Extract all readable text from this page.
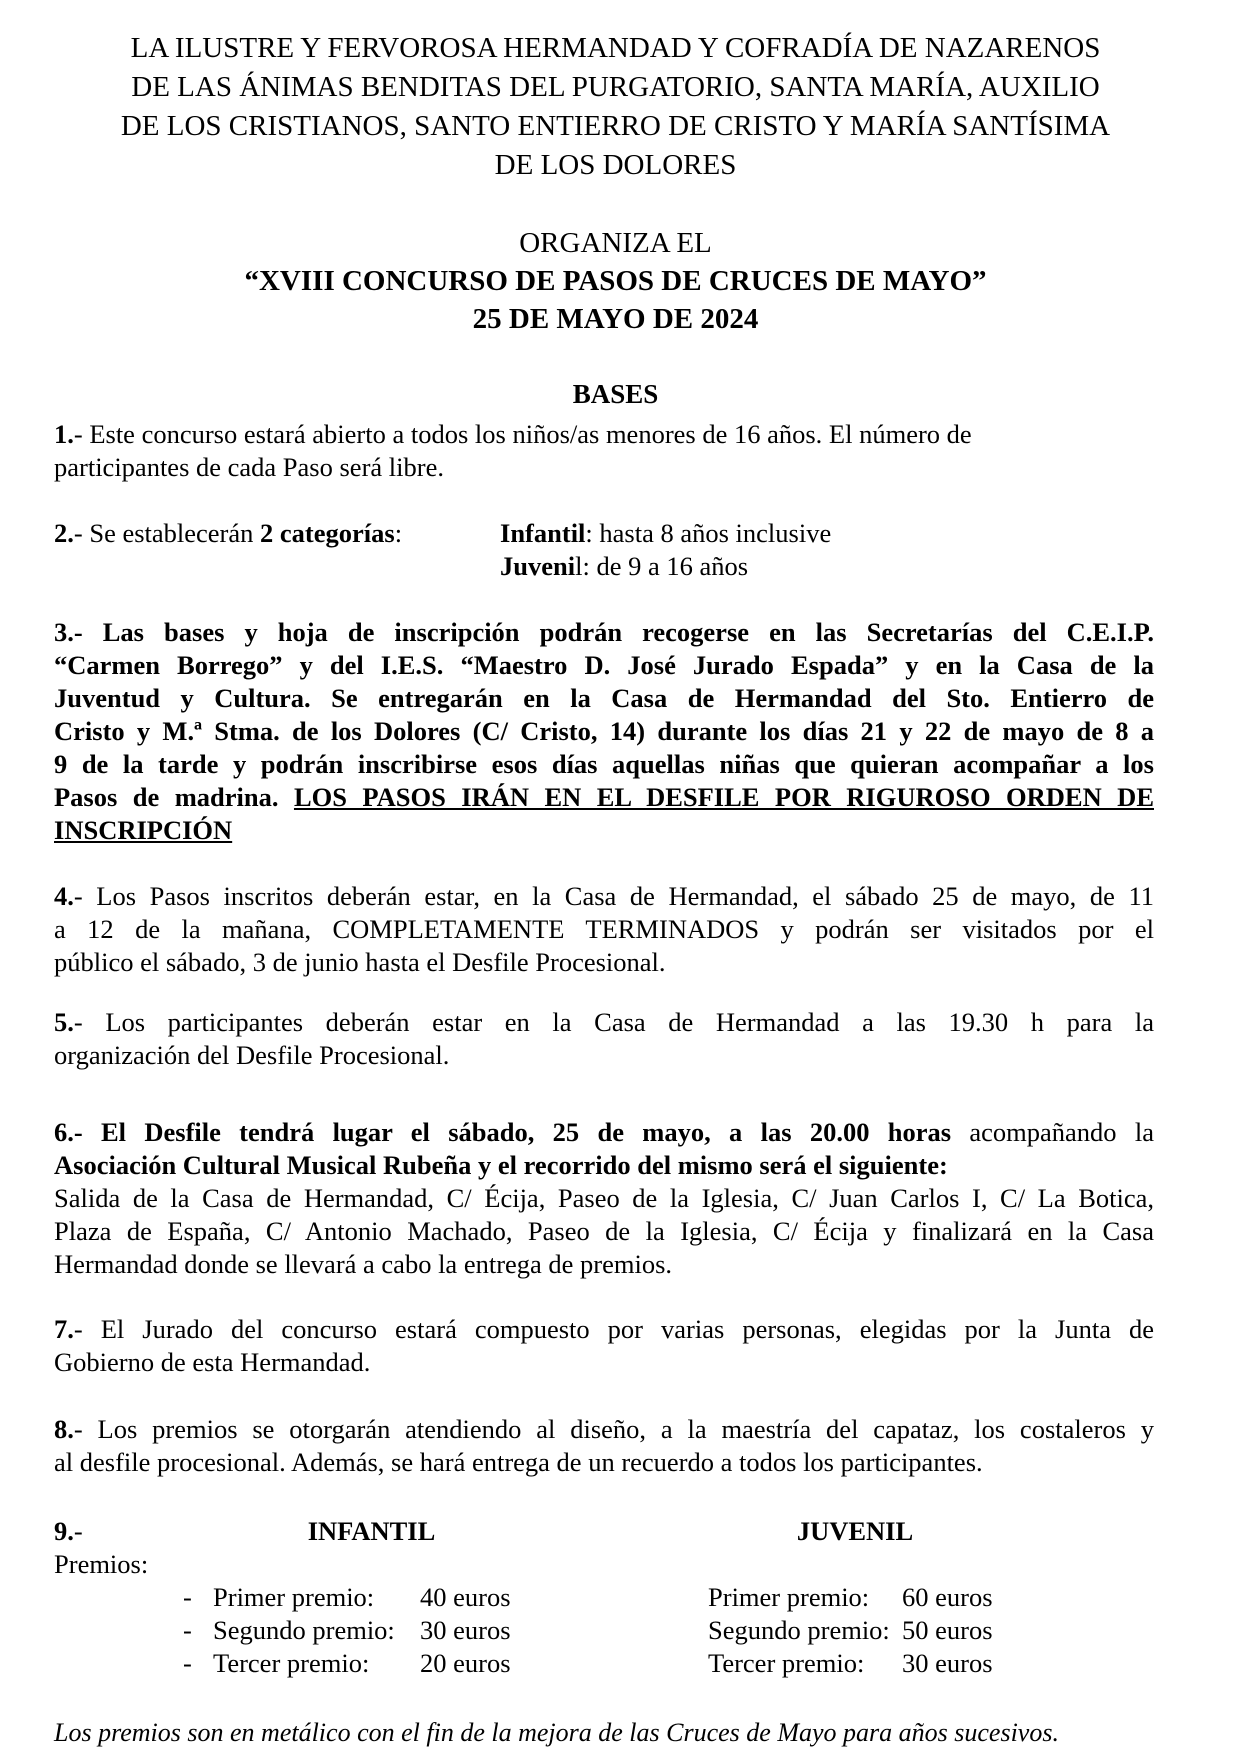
LA ILUSTRE Y FERVOROSA HERMANDAD Y COFRADÍA DE NAZARENOS
DE LAS ÁNIMAS BENDITAS DEL PURGATORIO, SANTA MARÍA, AUXILIO
DE LOS CRISTIANOS, SANTO ENTIERRO DE CRISTO Y MARÍA SANTÍSIMA
DE LOS DOLORES
ORGANIZA EL
“XVIII CONCURSO DE PASOS DE CRUCES DE MAYO”
25 DE MAYO DE 2024
BASES
1.- Este concurso estará abierto a todos los niños/as menores de 16 años. El número de
participantes de cada Paso será libre.
2.- Se establecerán 2 categorías:	Infantil: hasta 8 años inclusive
Juvenil: de 9 a 16 años
3.- Las bases y hoja de inscripción podrán recogerse en las Secretarías del C.E.I.P.
“Carmen Borrego” y del I.E.S. “Maestro D. José Jurado Espada” y en la Casa de la
Juventud y Cultura. Se entregarán en la Casa de Hermandad del Sto. Entierro de
Cristo y M.ª Stma. de los Dolores (C/ Cristo, 14) durante los días 21 y 22 de mayo de 8 a
9 de la tarde y podrán inscribirse esos días aquellas niñas que quieran acompañar a los
Pasos de madrina. LOS PASOS IRÁN EN EL DESFILE POR RIGUROSO ORDEN DE
INSCRIPCIÓN
4.- Los Pasos inscritos deberán estar, en la Casa de Hermandad, el sábado 25 de mayo, de 11
a 12 de la mañana, COMPLETAMENTE TERMINADOS y podrán ser visitados por el
público el sábado, 3 de junio hasta el Desfile Procesional.
5.- Los participantes deberán estar en la Casa de Hermandad a las 19.30 h para la
organización del Desfile Procesional.
6.- El Desfile tendrá lugar el sábado, 25 de mayo, a las 20.00 horas acompañando la
Asociación Cultural Musical Rubeña y el recorrido del mismo será el siguiente:
Salida de la Casa de Hermandad, C/ Écija, Paseo de la Iglesia, C/ Juan Carlos I, C/ La Botica,
Plaza de España, C/ Antonio Machado, Paseo de la Iglesia, C/ Écija y finalizará en la Casa
Hermandad donde se llevará a cabo la entrega de premios.
7.- El Jurado del concurso estará compuesto por varias personas, elegidas por la Junta de
Gobierno de esta Hermandad.
8.- Los premios se otorgarán atendiendo al diseño, a la maestría del capataz, los costaleros y
al desfile procesional. Además, se hará entrega de un recuerdo a todos los participantes.
9.- Premios:
INFANTIL	JUVENIL
- Primer premio:	40 euros	Primer premio:	60 euros
- Segundo premio: 30 euros	Segundo premio: 50 euros
- Tercer premio:	20 euros	Tercer premio:	30 euros
Los premios son en metálico con el fin de la mejora de las Cruces de Mayo para años sucesivos.
